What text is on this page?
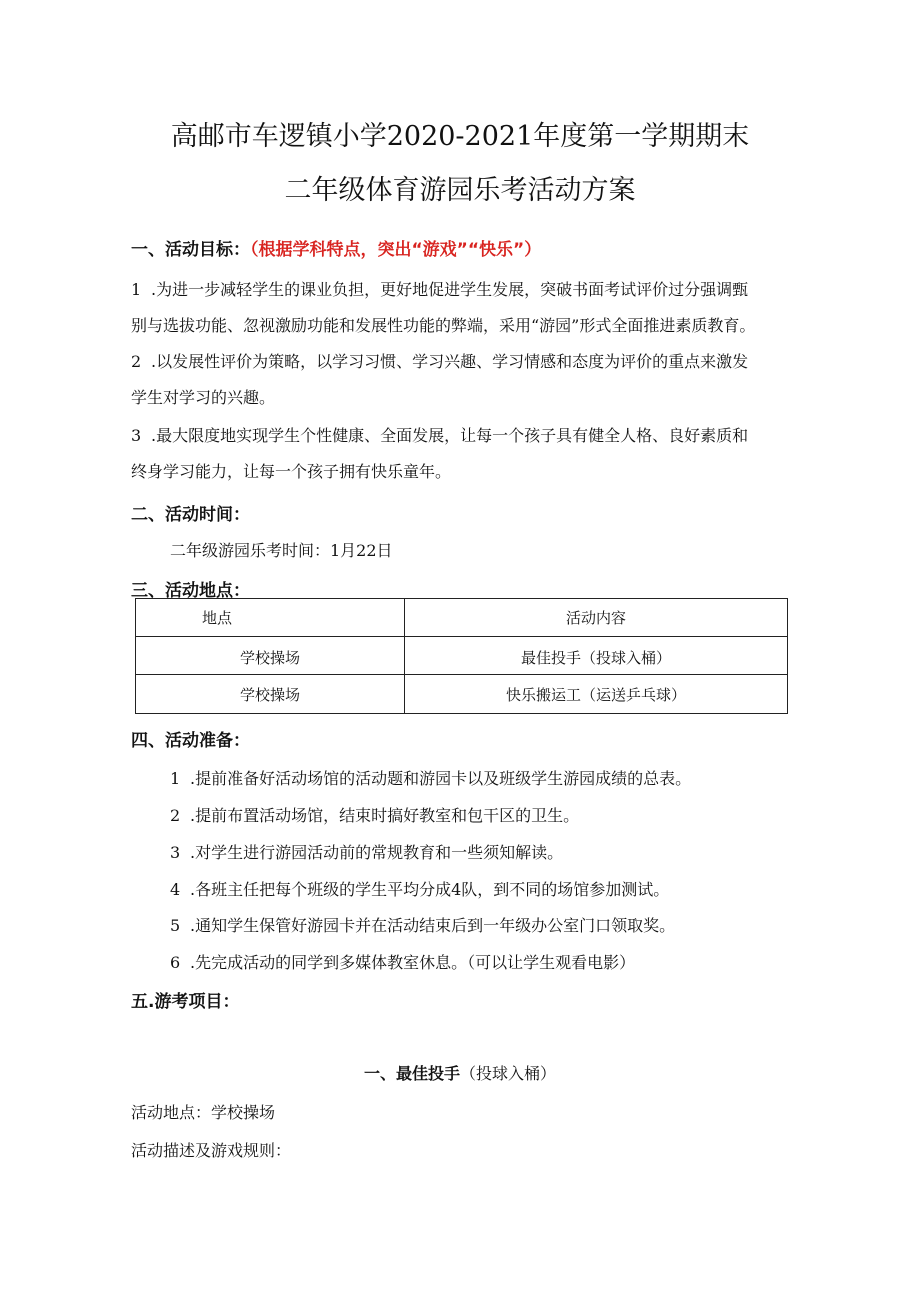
高邮市车逻镇小学2020-2021年度第一学期期末
二年级体育游园乐考活动方案
一、活动目标：（根据学科特点，突出“游戏”“快乐”）
1 .为进一步减轻学生的课业负担，更好地促进学生发展，突破书面考试评价过分强调甄
别与选拔功能、忽视激励功能和发展性功能的弊端，采用“游园”形式全面推进素质教育。
2 .以发展性评价为策略，以学习习惯、学习兴趣、学习情感和态度为评价的重点来激发
学生对学习的兴趣。
3 .最大限度地实现学生个性健康、全面发展，让每一个孩子具有健全人格、良好素质和
终身学习能力，让每一个孩子拥有快乐童年。
二、活动时间：
二年级游园乐考时间：1月22日
三、活动地点：
地点	活动内容
学校操场	最佳投手（投球入桶）
学校操场	快乐搬运工（运送乒乓球）
四、活动准备：
1 .提前准备好活动场馆的活动题和游园卡以及班级学生游园成绩的总表。
2 .提前布置活动场馆，结束时搞好教室和包干区的卫生。
3 .对学生进行游园活动前的常规教育和一些须知解读。
4 .各班主任把每个班级的学生平均分成4队，到不同的场馆参加测试。
5 .通知学生保管好游园卡并在活动结束后到一年级办公室门口领取奖。
6 .先完成活动的同学到多媒体教室休息。（可以让学生观看电影）
五.游考项目：
一、最佳投手（投球入桶）
活动地点：学校操场
活动描述及游戏规则：
